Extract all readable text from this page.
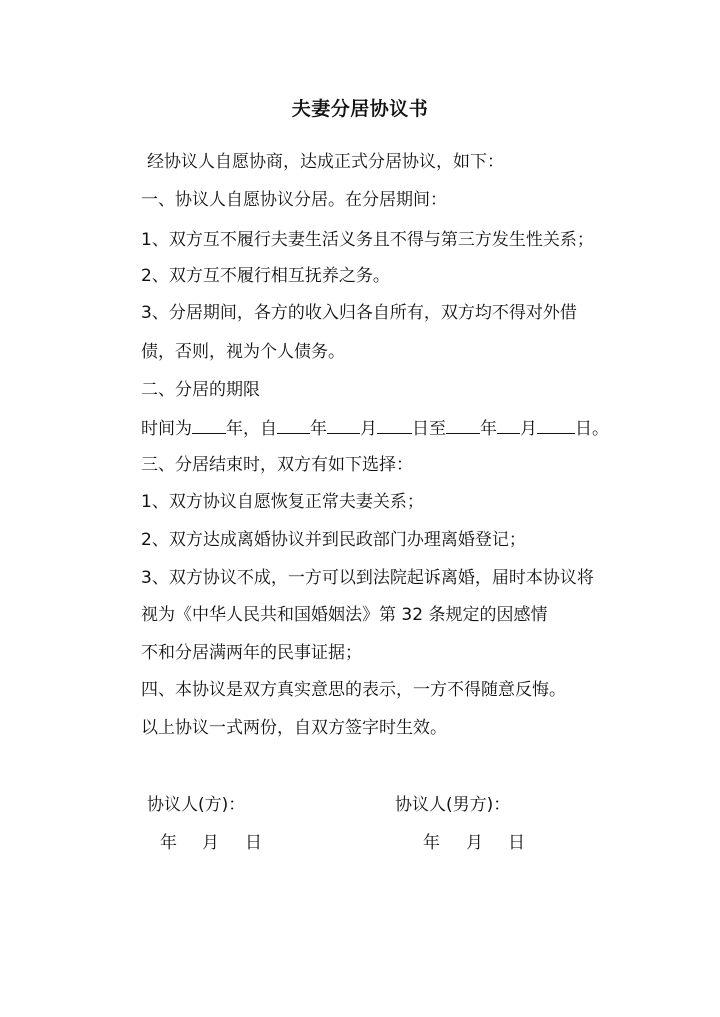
夫妻分居协议书
经协议人自愿协商，达成正式分居协议，如下：
一、协议人自愿协议分居。在分居期间：
1、双方互不履行夫妻生活义务且不得与第三方发生性关系；
2、双方互不履行相互抚养之务。
3、分居期间，各方的收入归各自所有，双方均不得对外借
债，否则，视为个人债务。
二、分居的期限
时间为 年，自 年 月 日至 年 月 日。
三、分居结束时，双方有如下选择：
1、双方协议自愿恢复正常夫妻关系；
2、双方达成离婚协议并到民政部门办理离婚登记；
3、双方协议不成，一方可以到法院起诉离婚，届时本协议将
视为《中华人民共和国婚姻法》第 32 条规定的因感情
不和分居满两年的民事证据；
四、本协议是双方真实意思的表示，一方不得随意反悔。
以上协议一式两份，自双方签字时生效。
协议人(方)：	协议人(男方)：
年 月 日	年 月 日
